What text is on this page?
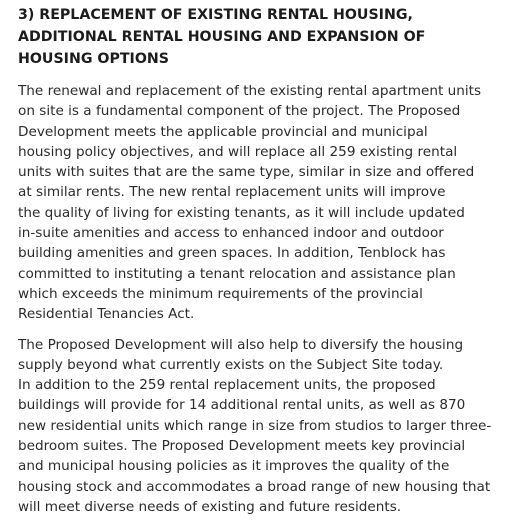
3) REPLACEMENT OF EXISTING RENTAL HOUSING,
ADDITIONAL RENTAL HOUSING AND EXPANSION OF
HOUSING OPTIONS

The renewal and replacement of the existing rental apartment units
on site is a fundamental component of the project. The Proposed
Development meets the applicable provincial and municipal
housing policy objectives, and will replace all 259 existing rental
units with suites that are the same type, similar in size and offered
at similar rents. The new rental replacement units will improve
the quality of living for existing tenants, as it will include updated
in-suite amenities and access to enhanced indoor and outdoor
building amenities and green spaces. In addition, Tenblock has
committed to instituting a tenant relocation and assistance plan
which exceeds the minimum requirements of the provincial
Residential Tenancies Act.

The Proposed Development will also help to diversify the housing
supply beyond what currently exists on the Subject Site today.
In addition to the 259 rental replacement units, the proposed
buildings will provide for 14 additional rental units, as well as 870
new residential units which range in size from studios to larger three-
bedroom suites. The Proposed Development meets key provincial
and municipal housing policies as it improves the quality of the
housing stock and accommodates a broad range of new housing that
will meet diverse needs of existing and future residents.
